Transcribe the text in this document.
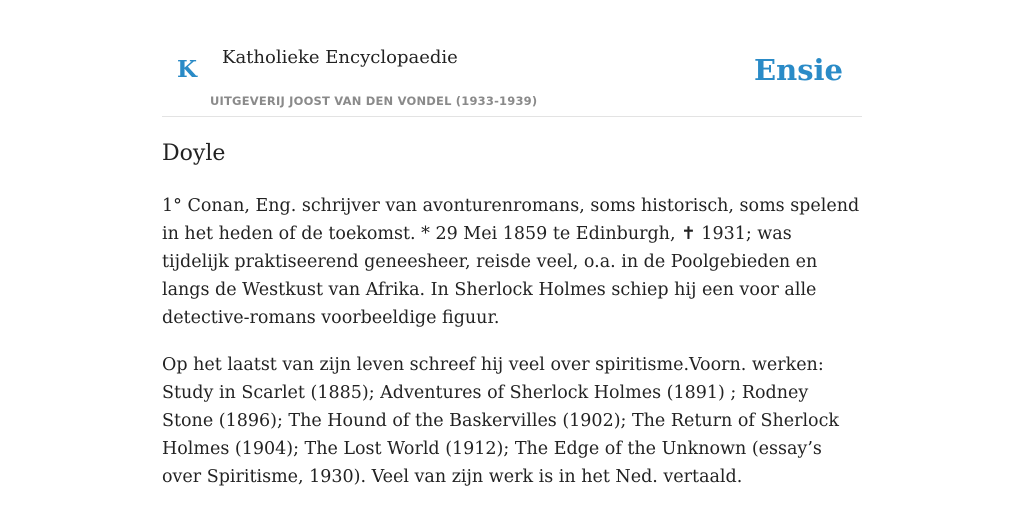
K Katholieke Encyclopaedie
UITGEVERIJ JOOST VAN DEN VONDEL (1933-1939)
Ensie
Doyle

1° Conan, Eng. schrijver van avonturenromans, soms historisch, soms spelend in het heden of de toekomst. * 29 Mei 1859 te Edinburgh, ✝ 1931; was tijdelijk praktiseerend geneesheer, reisde veel, o.a. in de Poolgebieden en langs de Westkust van Afrika. In Sherlock Holmes schiep hij een voor alle detective-romans voorbeeldige figuur.

Op het laatst van zijn leven schreef hij veel over spiritisme.Voorn. werken: Study in Scarlet (1885); Adventures of Sherlock Holmes (1891) ; Rodney Stone (1896); The Hound of the Baskervilles (1902); The Return of Sherlock Holmes (1904); The Lost World (1912); The Edge of the Unknown (essay’s over Spiritisme, 1930). Veel van zijn werk is in het Ned. vertaald.
